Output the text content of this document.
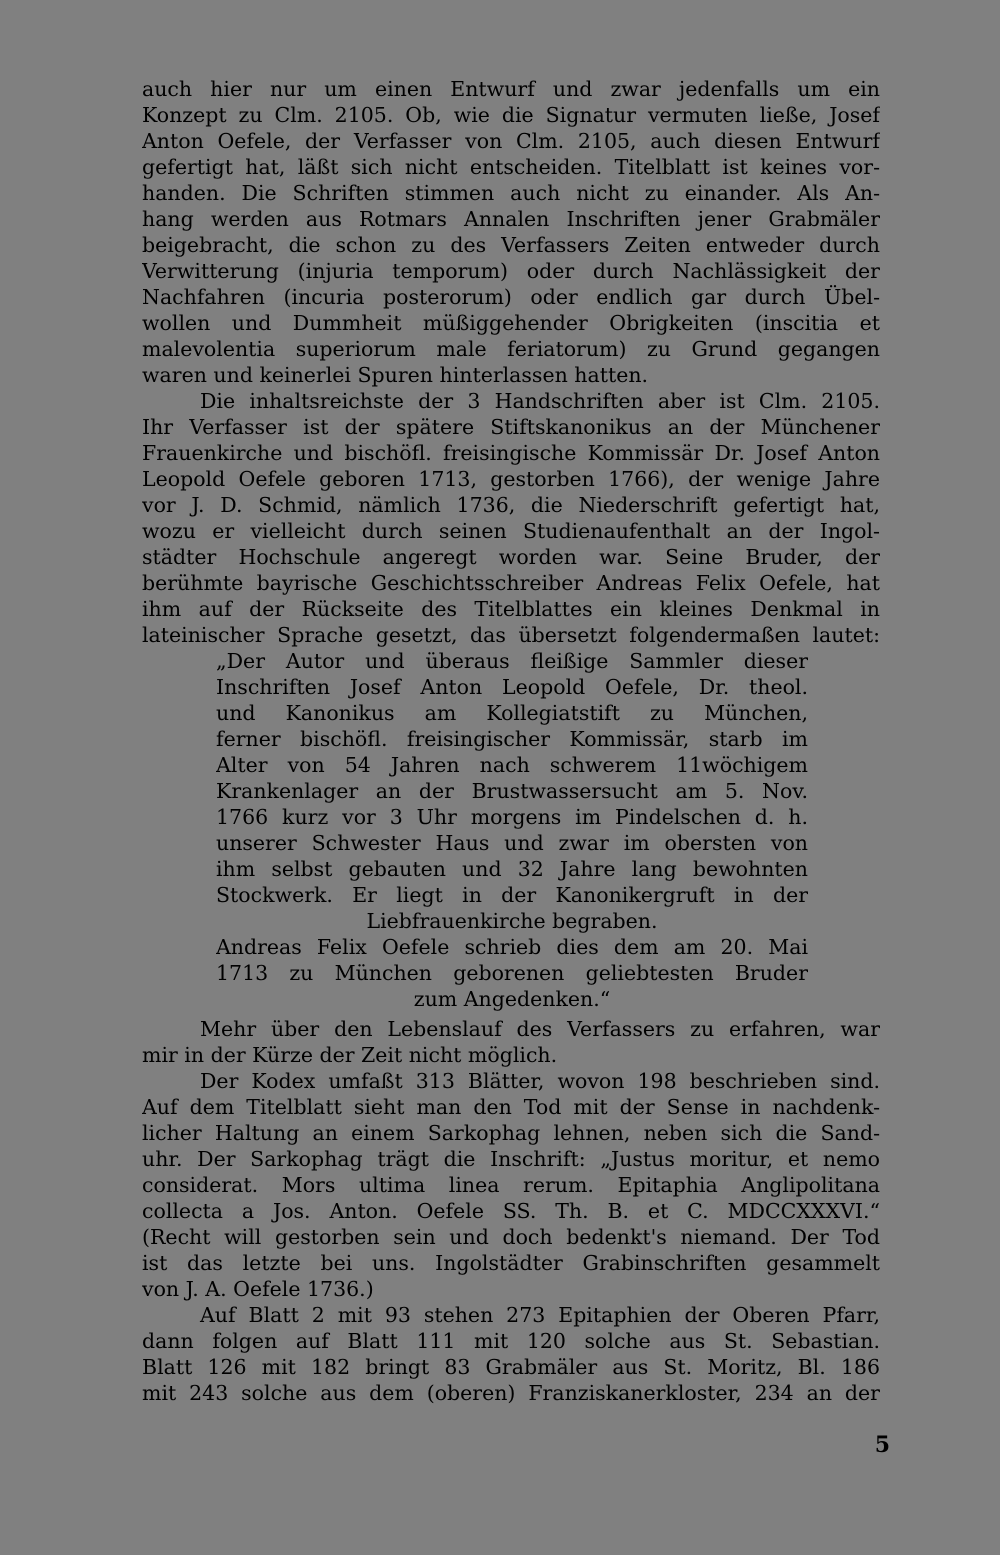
auch hier nur um einen Entwurf und zwar jedenfalls um ein
Konzept zu Clm. 2105. Ob, wie die Signatur vermuten ließe, Josef
Anton Oefele, der Verfasser von Clm. 2105, auch diesen Entwurf
gefertigt hat, läßt sich nicht entscheiden. Titelblatt ist keines vor-
handen. Die Schriften stimmen auch nicht zu einander. Als An-
hang werden aus Rotmars Annalen Inschriften jener Grabmäler
beigebracht, die schon zu des Verfassers Zeiten entweder durch
Verwitterung (injuria temporum) oder durch Nachlässigkeit der
Nachfahren (incuria posterorum) oder endlich gar durch Übel-
wollen und Dummheit müßiggehender Obrigkeiten (inscitia et
malevolentia superiorum male feriatorum) zu Grund gegangen
waren und keinerlei Spuren hinterlassen hatten.
Die inhaltsreichste der 3 Handschriften aber ist Clm. 2105.
Ihr Verfasser ist der spätere Stiftskanonikus an der Münchener
Frauenkirche und bischöfl. freisingische Kommissär Dr. Josef Anton
Leopold Oefele geboren 1713, gestorben 1766), der wenige Jahre
vor J. D. Schmid, nämlich 1736, die Niederschrift gefertigt hat,
wozu er vielleicht durch seinen Studienaufenthalt an der Ingol-
städter Hochschule angeregt worden war. Seine Bruder, der
berühmte bayrische Geschichtsschreiber Andreas Felix Oefele, hat
ihm auf der Rückseite des Titelblattes ein kleines Denkmal in
lateinischer Sprache gesetzt, das übersetzt folgendermaßen lautet:
„Der Autor und überaus fleißige Sammler dieser
Inschriften Josef Anton Leopold Oefele, Dr. theol.
und Kanonikus am Kollegiatstift zu München,
ferner bischöfl. freisingischer Kommissär, starb im
Alter von 54 Jahren nach schwerem 11wöchigem
Krankenlager an der Brustwassersucht am 5. Nov.
1766 kurz vor 3 Uhr morgens im Pindelschen d. h.
unserer Schwester Haus und zwar im obersten von
ihm selbst gebauten und 32 Jahre lang bewohnten
Stockwerk. Er liegt in der Kanonikergruft in der
Liebfrauenkirche begraben.
Andreas Felix Oefele schrieb dies dem am 20. Mai
1713 zu München geborenen geliebtesten Bruder
zum Angedenken.“
Mehr über den Lebenslauf des Verfassers zu erfahren, war
mir in der Kürze der Zeit nicht möglich.
Der Kodex umfaßt 313 Blätter, wovon 198 beschrieben sind.
Auf dem Titelblatt sieht man den Tod mit der Sense in nachdenk-
licher Haltung an einem Sarkophag lehnen, neben sich die Sand-
uhr. Der Sarkophag trägt die Inschrift: „Justus moritur, et nemo
considerat. Mors ultima linea rerum. Epitaphia Anglipolitana
collecta a Jos. Anton. Oefele SS. Th. B. et C. MDCCXXXVI.“
(Recht will gestorben sein und doch bedenkt's niemand. Der Tod
ist das letzte bei uns. Ingolstädter Grabinschriften gesammelt
von J. A. Oefele 1736.)
Auf Blatt 2 mit 93 stehen 273 Epitaphien der Oberen Pfarr,
dann folgen auf Blatt 111 mit 120 solche aus St. Sebastian.
Blatt 126 mit 182 bringt 83 Grabmäler aus St. Moritz, Bl. 186
mit 243 solche aus dem (oberen) Franziskanerkloster, 234 an der
5
